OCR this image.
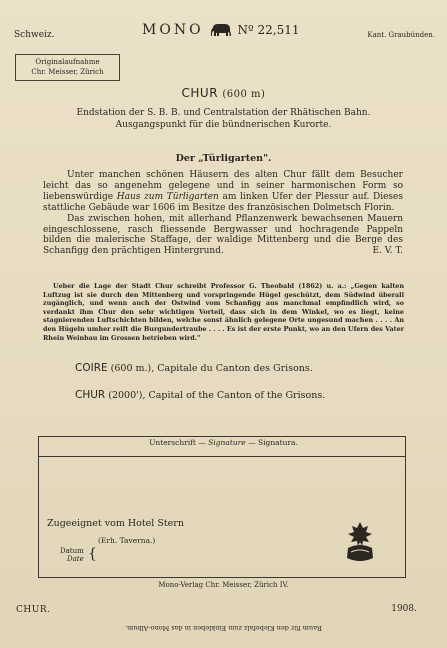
Schweiz.	MONO	Nº 22,511	Kant. Graubünden.
Originalaufnahme
Chr. Meisser, Zürich
CHUR (600 m)
Endstation der S. B. B. und Centralstation der Rhätischen Bahn.
Ausgangspunkt für die bündnerischen Kurorte.
Der „Türligarten".

Unter manchen schönen Häusern des alten Chur fällt dem Besucher leicht das so angenehm gelegene und in seiner harmonischen Form so liebenswürdige Haus zum Türligarten am linken Ufer der Plessur auf. Dieses stattliche Gebäude war 1606 im Besitze des französischen Dolmetsch Florin.

Das zwischen hohen, mit allerhand Pflanzenwerk bewachsenen Mauern eingeschlossene, rasch fliessende Bergwasser und hochragende Pappeln bilden die malerische Staffage, der waldige Mittenberg und die Berge des Schanfigg den prächtigen Hintergrund.	E. V. T.

Ueber die Lage der Stadt Chur schreibt Professor G. Theobald (1862) u. a.: „Gegen kalten Luftzug ist sie durch den Mittenberg und vorspringende Hügel geschützt, dem Südwind überall zugänglich, und wenn auch der Ostwind vom Schanfigg aus manchmal empfindlich wird, so verdankt ihm Chur den sehr wichtigen Vorteil, dass sich in dem Winkel, wo es liegt, keine stagnierenden Luftschichten bilden, welche sonst ähnlich gelegene Orte ungesund machen . . . . An den Hügeln umher reift die Burgundertraube . . . . Es ist der erste Punkt, wo an den Ufern des Vater Rhein Weinbau im Grossen betrieben wird."

COIRE (600 m.), Capitale du Canton des Grisons.
CHUR (2000'), Capital of the Canton of the Grisons.
Unterschrift — Signature — Signatura.
Zugeeignet vom Hotel Stern
(Erh. Taverna.)
Datum
Date {
Mono-Verlag Chr. Meisser, Zürich IV.
CHUR.	1908.
Raum für den Klebefalz zum Einkleben in das Mono-Album.
